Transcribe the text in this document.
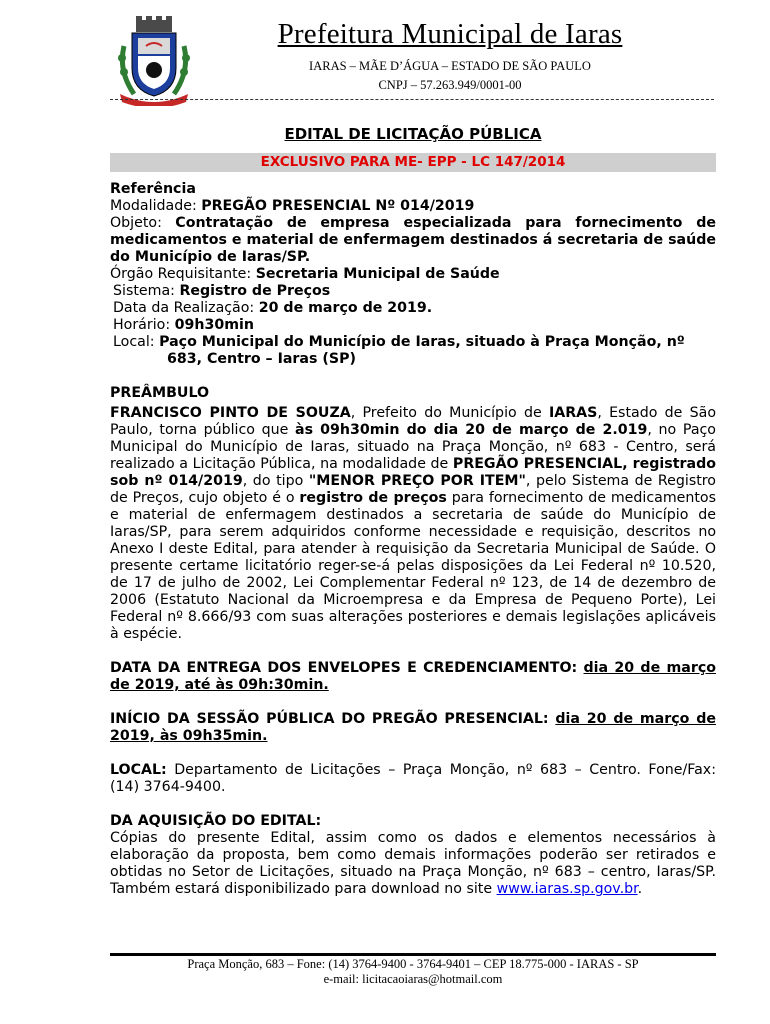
Prefeitura Municipal de Iaras
IARAS – MÃE D’ÁGUA – ESTADO DE SÃO PAULO
CNPJ – 57.263.949/0001-00
EDITAL DE LICITAÇÃO PÚBLICA
EXCLUSIVO PARA ME- EPP - LC 147/2014

Referência

Modalidade: PREGÃO PRESENCIAL Nº 014/2019

Objeto: Contratação de empresa especializada para fornecimento de medicamentos e material de enfermagem destinados á secretaria de saúde do Município de Iaras/SP.

Órgão Requisitante: Secretaria Municipal de Saúde

Sistema: Registro de Preços

Data da Realização: 20 de março de 2019.

Horário: 09h30min

Local: Paço Municipal do Município de Iaras, situado à Praça Monção, nº 683, Centro – Iaras (SP)

PREÂMBULO

FRANCISCO PINTO DE SOUZA, Prefeito do Município de IARAS, Estado de São Paulo, torna público que às 09h30min do dia 20 de março de 2.019, no Paço Municipal do Município de Iaras, situado na Praça Monção, nº 683 - Centro, será realizado a Licitação Pública, na modalidade de PREGÃO PRESENCIAL, registrado sob nº 014/2019, do tipo "MENOR PREÇO POR ITEM", pelo Sistema de Registro de Preços, cujo objeto é o registro de preços para fornecimento de medicamentos e material de enfermagem destinados a secretaria de saúde do Município de Iaras/SP, para serem adquiridos conforme necessidade e requisição, descritos no Anexo I deste Edital, para atender à requisição da Secretaria Municipal de Saúde. O presente certame licitatório reger-se-á pelas disposições da Lei Federal nº 10.520, de 17 de julho de 2002, Lei Complementar Federal nº 123, de 14 de dezembro de 2006 (Estatuto Nacional da Microempresa e da Empresa de Pequeno Porte), Lei Federal nº 8.666/93 com suas alterações posteriores e demais legislações aplicáveis à espécie.

DATA DA ENTREGA DOS ENVELOPES E CREDENCIAMENTO: dia 20 de março de 2019, até às 09h:30min.

INÍCIO DA SESSÃO PÚBLICA DO PREGÃO PRESENCIAL: dia 20 de março de 2019, às 09h35min.

LOCAL: Departamento de Licitações – Praça Monção, nº 683 – Centro. Fone/Fax: (14) 3764-9400.

DA AQUISIÇÃO DO EDITAL:

Cópias do presente Edital, assim como os dados e elementos necessários à elaboração da proposta, bem como demais informações poderão ser retirados e obtidas no Setor de Licitações, situado na Praça Monção, nº 683 – centro, Iaras/SP. Também estará disponibilizado para download no site www.iaras.sp.gov.br.

Praça Monção, 683 – Fone: (14) 3764-9400 - 3764-9401 – CEP 18.775-000 - IARAS - SP
e-mail: licitacaoiaras@hotmail.com
